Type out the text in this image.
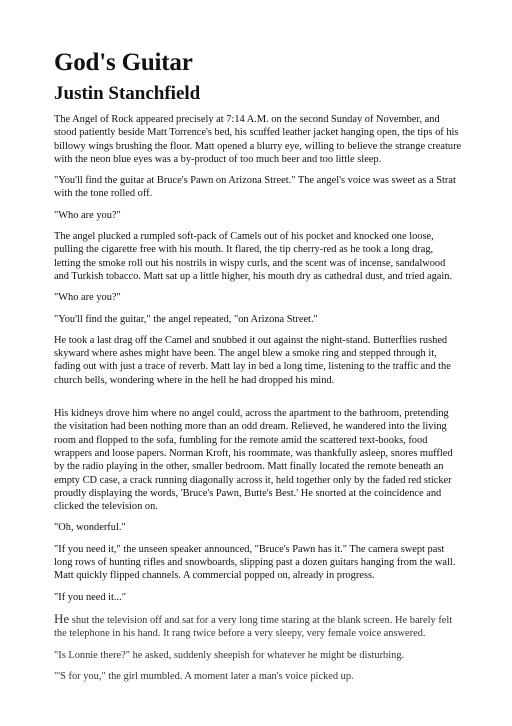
God's Guitar
Justin Stanchfield

The Angel of Rock appeared precisely at 7:14 A.M. on the second Sunday of November, and stood patiently beside Matt Torrence's bed, his scuffed leather jacket hanging open, the tips of his billowy wings brushing the floor. Matt opened a blurry eye, willing to believe the strange creature with the neon blue eyes was a by-product of too much beer and too little sleep.

"You'll find the guitar at Bruce's Pawn on Arizona Street." The angel's voice was sweet as a Strat with the tone rolled off.

"Who are you?"

The angel plucked a rumpled soft-pack of Camels out of his pocket and knocked one loose, pulling the cigarette free with his mouth. It flared, the tip cherry-red as he took a long drag, letting the smoke roll out his nostrils in wispy curls, and the scent was of incense, sandalwood and Turkish tobacco. Matt sat up a little higher, his mouth dry as cathedral dust, and tried again.

"Who are you?"

"You'll find the guitar," the angel repeated, "on Arizona Street."

He took a last drag off the Camel and snubbed it out against the night-stand. Butterflies rushed skyward where ashes might have been. The angel blew a smoke ring and stepped through it, fading out with just a trace of reverb. Matt lay in bed a long time, listening to the traffic and the church bells, wondering where in the hell he had dropped his mind.

His kidneys drove him where no angel could, across the apartment to the bathroom, pretending the visitation had been nothing more than an odd dream. Relieved, he wandered into the living room and flopped to the sofa, fumbling for the remote amid the scattered text-books, food wrappers and loose papers. Norman Kroft, his roommate, was thankfully asleep, snores muffled by the radio playing in the other, smaller bedroom. Matt finally located the remote beneath an empty CD case, a crack running diagonally across it, held together only by the faded red sticker proudly displaying the words, 'Bruce's Pawn, Butte's Best.' He snorted at the coincidence and clicked the television on.

"Oh, wonderful."

"If you need it," the unseen speaker announced, "Bruce's Pawn has it." The camera swept past long rows of hunting rifles and snowboards, slipping past a dozen guitars hanging from the wall. Matt quickly flipped channels. A commercial popped on, already in progress.

"If you need it..."

He shut the television off and sat for a very long time staring at the blank screen. He barely felt the telephone in his hand. It rang twice before a very sleepy, very female voice answered.

"Is Lonnie there?" he asked, suddenly sheepish for whatever he might be disturbing.

"'S for you," the girl mumbled. A moment later a man's voice picked up.
